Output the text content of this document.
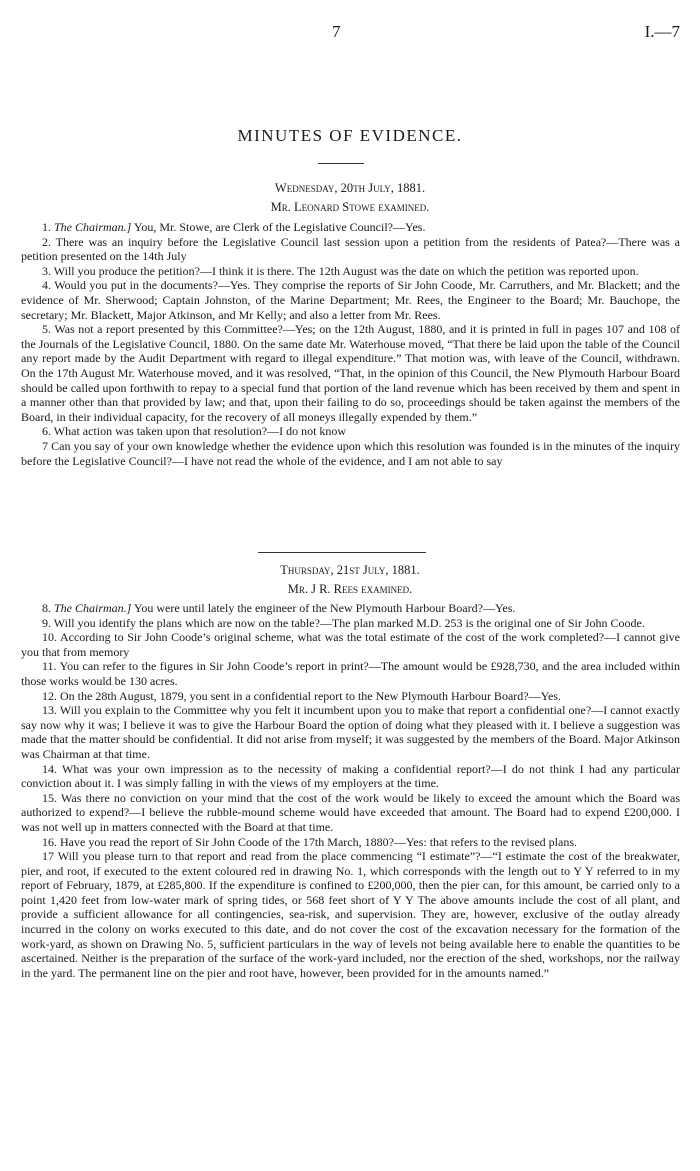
7	I.—7
MINUTES OF EVIDENCE.
Wednesday, 20th July, 1881.
Mr. Leonard Stowe examined.

1. The Chairman.] You, Mr. Stowe, are Clerk of the Legislative Council?—Yes.

2. There was an inquiry before the Legislative Council last session upon a petition from the residents of Patea?—There was a petition presented on the 14th July

3. Will you produce the petition?—I think it is there. The 12th August was the date on which the petition was reported upon.

4. Would you put in the documents?—Yes. They comprise the reports of Sir John Coode, Mr. Carruthers, and Mr. Blackett; and the evidence of Mr. Sherwood; Captain Johnston, of the Marine Department; Mr. Rees, the Engineer to the Board; Mr. Bauchope, the secretary; Mr. Blackett, Major Atkinson, and Mr Kelly; and also a letter from Mr. Rees.

5. Was not a report presented by this Committee?—Yes; on the 12th August, 1880, and it is printed in full in pages 107 and 108 of the Journals of the Legislative Council, 1880. On the same date Mr. Waterhouse moved, “That there be laid upon the table of the Council any report made by the Audit Department with regard to illegal expenditure.” That motion was, with leave of the Council, withdrawn. On the 17th August Mr. Waterhouse moved, and it was resolved, “That, in the opinion of this Council, the New Plymouth Harbour Board should be called upon forthwith to repay to a special fund that portion of the land revenue which has been received by them and spent in a manner other than that provided by law; and that, upon their failing to do so, proceedings should be taken against the members of the Board, in their individual capacity, for the recovery of all moneys illegally expended by them.”

6. What action was taken upon that resolution?—I do not know

7 Can you say of your own knowledge whether the evidence upon which this resolution was founded is in the minutes of the inquiry before the Legislative Council?—I have not read the whole of the evidence, and I am not able to say

Thursday, 21st July, 1881.
Mr. J R. Rees examined.

8. The Chairman.] You were until lately the engineer of the New Plymouth Harbour Board?—Yes.

9. Will you identify the plans which are now on the table?—The plan marked M.D. 253 is the original one of Sir John Coode.

10. According to Sir John Coode’s original scheme, what was the total estimate of the cost of the work completed?—I cannot give you that from memory

11. You can refer to the figures in Sir John Coode’s report in print?—The amount would be £928,730, and the area included within those works would be 130 acres.

12. On the 28th August, 1879, you sent in a confidential report to the New Plymouth Harbour Board?—Yes.

13. Will you explain to the Committee why you felt it incumbent upon you to make that report a confidential one?—I cannot exactly say now why it was; I believe it was to give the Harbour Board the option of doing what they pleased with it. I believe a suggestion was made that the matter should be confidential. It did not arise from myself; it was suggested by the members of the Board. Major Atkinson was Chairman at that time.

14. What was your own impression as to the necessity of making a confidential report?—I do not think I had any particular conviction about it. I was simply falling in with the views of my employers at the time.

15. Was there no conviction on your mind that the cost of the work would be likely to exceed the amount which the Board was authorized to expend?—I believe the rubble-mound scheme would have exceeded that amount. The Board had to expend £200,000. I was not well up in matters connected with the Board at that time.

16. Have you read the report of Sir John Coode of the 17th March, 1880?—Yes: that refers to the revised plans.

17 Will you please turn to that report and read from the place commencing “I estimate”?—“I estimate the cost of the breakwater, pier, and root, if executed to the extent coloured red in drawing No. 1, which corresponds with the length out to Y Y referred to in my report of February, 1879, at £285,800. If the expenditure is confined to £200,000, then the pier can, for this amount, be carried only to a point 1,420 feet from low-water mark of spring tides, or 568 feet short of Y Y The above amounts include the cost of all plant, and provide a sufficient allowance for all contingencies, sea-risk, and supervision. They are, however, exclusive of the outlay already incurred in the colony on works executed to this date, and do not cover the cost of the excavation necessary for the formation of the work-yard, as shown on Drawing No. 5, sufficient particulars in the way of levels not being available here to enable the quantities to be ascertained. Neither is the preparation of the surface of the work-yard included, nor the erection of the shed, workshops, nor the railway in the yard. The permanent line on the pier and root have, however, been provided for in the amounts named.”
